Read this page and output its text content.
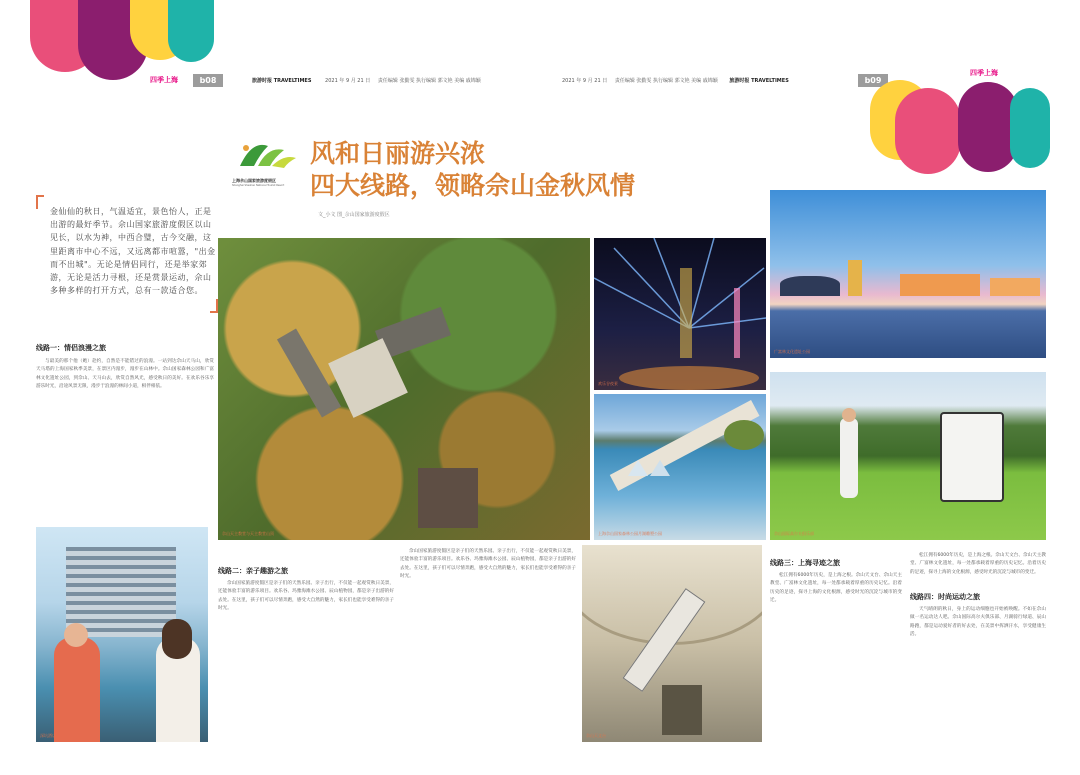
四季上海	b08	旅游时报 TRAVELTIMES	2021 年 9 月 21 日 责任编辑 张勤雯 执行编辑 郭文艳 美编 戚锦颖	2021 年 9 月 21 日 责任编辑 张勤雯 执行编辑 郭文艳 美编 戚锦颖 旅游时报 TRAVELTIMES	b09
四季上海
上海佘山国家旅游度假区
Shanghai Sheshan National Tourist Resort
风和日丽游兴浓
四大线路，领略佘山金秋风情
文_小文 图_佘山国家旅游度假区
金仙仙的秋日，气温适宜，景色怡人，正是出游的最好季节。佘山国家旅游度假区以山见长，以水为神，中西合璧，古今交融，这里距离市中心不远，又远离都市喧嚣，"出金而不出城"。无论是情侣同行，还是举家郊游，无论是活力寻根，还是赏景运动，佘山多种多样的打开方式，总有一款适合您。
线路一：情侣浪漫之旅
与最美的那个他（她）赴约，自然是不能错过的浪漫。一站到达佘山天马山，欣赏天马塔的上海国家秋季美景，在景区内漫步，漫步在山林中。佘山国家森林公园和广富林文化遗址公园，到佘山、天马山去，欣赏自然风光，感受秋日的美好。在欢乐谷乐享游乐时光，沿途风景无限，漫步于浪漫的林间小道，相伴相依。
佘山天主教堂与天主教堂山顶
欢乐谷夜景
上海佘山国家森林公园月湖雕塑公园
广富林文化遗址公园
佘山国际高尔夫俱乐部
深坑酒店
线路二：亲子趣游之旅
佘山国家旅游度假区是亲子们的天然乐园。亲子出行，不仅能一起观赏秋日美景，还能体验丰富的游乐项目。欢乐谷、玛雅海滩水公园、辰山植物园，都是亲子出游的好去处。在这里，孩子们可以尽情奔跑，感受大自然的魅力，家长们也能享受难得的亲子时光。
佘山国家旅游度假区是亲子们的天然乐园。亲子出行，不仅能一起观赏秋日美景，还能体验丰富的游乐项目。欢乐谷、玛雅海滩水公园、辰山植物园，都是亲子出游的好去处。在这里，孩子们可以尽情奔跑，感受大自然的魅力，家长们也能享受难得的亲子时光。
佘山天文台
线路三：上海寻迹之旅
松江拥有6000年历史，是上海之根。佘山天文台、佘山天主教堂、广富林文化遗址，每一处都承载着厚重的历史记忆。沿着历史的足迹，探寻上海的文化根源，感受时光的沉淀与城市的变迁。
松江拥有6000年历史，是上海之根。佘山天文台、佘山天主教堂、广富林文化遗址，每一处都承载着厚重的历史记忆。沿着历史的足迹，探寻上海的文化根源，感受时光的沉淀与城市的变迁。
线路四：时尚运动之旅
天气晴朗的秋日，身上的运动细胞也开始被唤醒。不如在佘山做一名运动达人吧。佘山国际高尔夫俱乐部、月湖骑行绿道、辰山路跑，都是运动爱好者的好去处，在美景中挥洒汗水，享受健康生活。
